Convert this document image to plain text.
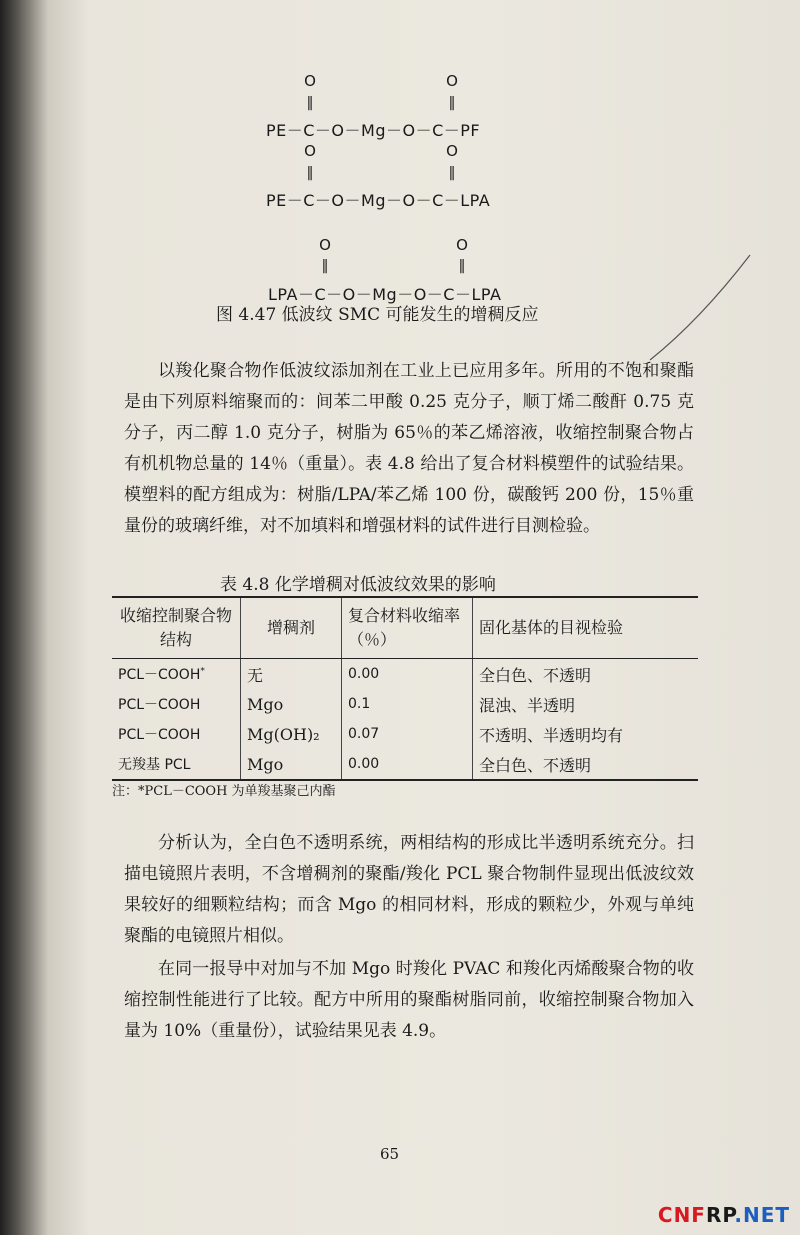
O	O
‖	‖
PE－C－O－Mg－O－C－PF
O	O
‖	‖
PE－C－O－Mg－O－C－LPA
O	O
‖	‖
LPA－C－O－Mg－O－C－LPA
图 4.47 低波纹 SMC 可能发生的增稠反应
以羧化聚合物作低波纹添加剂在工业上已应用多年。所用的不饱和聚酯是由下列原料缩聚而的：间苯二甲酸 0.25 克分子，顺丁烯二酸酐 0.75 克分子，丙二醇 1.0 克分子，树脂为 65％的苯乙烯溶液，收缩控制聚合物占有机机物总量的 14％（重量）。表 4.8 给出了复合材料模塑件的试验结果。模塑料的配方组成为：树脂/LPA/苯乙烯 100 份，碳酸钙 200 份，15％重量份的玻璃纤维，对不加填料和增强材料的试件进行目测检验。
表 4.8 化学增稠对低波纹效果的影响
收缩控制聚合物结构	增稠剂	复合材料收缩率（％）	固化基体的目视检验
PCL－COOH*	无	0.00	全白色、不透明
PCL－COOH	Mgo	0.1	混浊、半透明
PCL－COOH	Mg(OH)₂	0.07	不透明、半透明均有
无羧基 PCL	Mgo	0.00	全白色、不透明
注：*PCL－COOH 为单羧基聚己内酯
分析认为，全白色不透明系统，两相结构的形成比半透明系统充分。扫描电镜照片表明，不含增稠剂的聚酯/羧化 PCL 聚合物制件显现出低波纹效果较好的细颗粒结构；而含 Mgo 的相同材料，形成的颗粒少，外观与单纯聚酯的电镜照片相似。
在同一报导中对加与不加 Mgo 时羧化 PVAC 和羧化丙烯酸聚合物的收缩控制性能进行了比较。配方中所用的聚酯树脂同前，收缩控制聚合物加入量为 10%（重量份），试验结果见表 4.9。
65
CNFRP.NET
